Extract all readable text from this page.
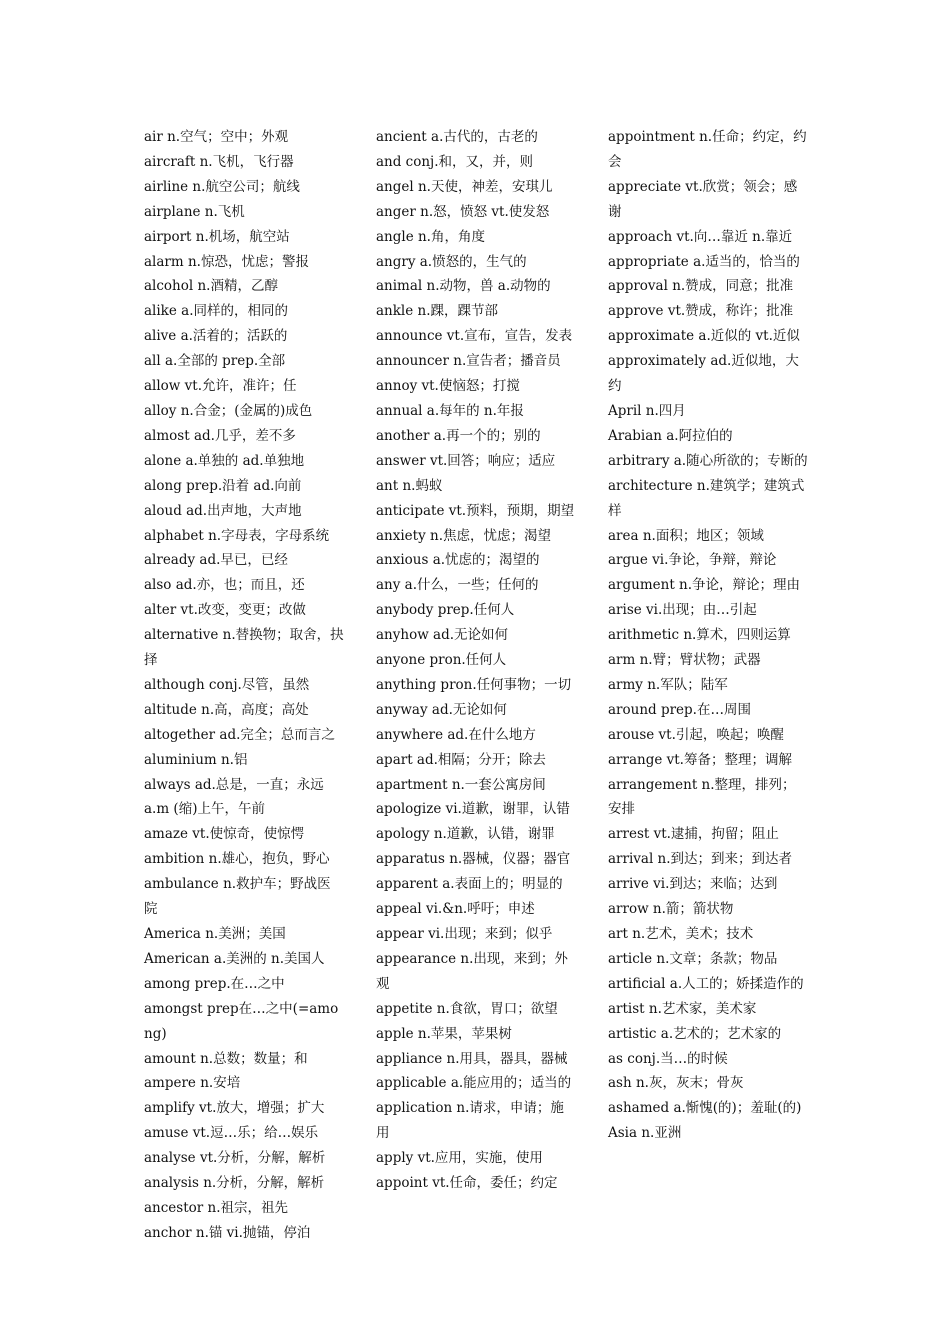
air n.空气；空中；外观

aircraft n.飞机，飞行器

airline n.航空公司；航线

airplane n.飞机

airport n.机场，航空站

alarm n.惊恐，忧虑；警报

alcohol n.酒精，乙醇

alike a.同样的，相同的

alive a.活着的；活跃的

all a.全部的 prep.全部

allow vt.允许，准许；任

alloy n.合金；(金属的)成色

almost ad.几乎，差不多

alone a.单独的 ad.单独地

along prep.沿着 ad.向前

aloud ad.出声地，大声地

alphabet n.字母表，字母系统

already ad.早已，已经

also ad.亦，也；而且，还

alter vt.改变，变更；改做

alternative n.替换物；取舍，抉择

although conj.尽管，虽然

altitude n.高，高度；高处

altogether ad.完全；总而言之

aluminium n.铝

always ad.总是，一直；永远

a.m (缩)上午，午前

amaze vt.使惊奇，使惊愕

ambition n.雄心，抱负，野心

ambulance n.救护车；野战医院

America n.美洲；美国

American a.美洲的 n.美国人

among prep.在…之中

amongst prep在…之中(=among)

amount n.总数；数量；和

ampere n.安培

amplify vt.放大，增强；扩大

amuse vt.逗…乐；给…娱乐

analyse vt.分析，分解，解析

analysis n.分析，分解，解析

ancestor n.祖宗，祖先

anchor n.锚 vi.抛锚，停泊

ancient a.古代的，古老的

and conj.和，又，并，则

angel n.天使，神差，安琪儿

anger n.怒，愤怒 vt.使发怒

angle n.角，角度

angry a.愤怒的，生气的

animal n.动物，兽 a.动物的

ankle n.踝，踝节部

announce vt.宣布，宣告，发表

announcer n.宣告者；播音员

annoy vt.使恼怒；打搅

annual a.每年的 n.年报

another a.再一个的；别的

answer vt.回答；响应；适应

ant n.蚂蚁

anticipate vt.预料，预期，期望

anxiety n.焦虑，忧虑；渴望

anxious a.忧虑的；渴望的

any a.什么，一些；任何的

anybody prep.任何人

anyhow ad.无论如何

anyone pron.任何人

anything pron.任何事物；一切

anyway ad.无论如何

anywhere ad.在什么地方

apart ad.相隔；分开；除去

apartment n.一套公寓房间

apologize vi.道歉，谢罪，认错

apology n.道歉，认错，谢罪

apparatus n.器械，仪器；器官

apparent a.表面上的；明显的

appeal vi.&n.呼吁；申述

appear vi.出现；来到；似乎

appearance n.出现，来到；外观

appetite n.食欲，胃口；欲望

apple n.苹果，苹果树

appliance n.用具，器具，器械

applicable a.能应用的；适当的

application n.请求，申请；施用

apply vt.应用，实施，使用

appoint vt.任命，委任；约定

appointment n.任命；约定，约会

appreciate vt.欣赏；领会；感谢

approach vt.向…靠近 n.靠近

appropriate a.适当的，恰当的

approval n.赞成，同意；批准

approve vt.赞成，称许；批准

approximate a.近似的 vt.近似

approximately ad.近似地，大约

April n.四月

Arabian a.阿拉伯的

arbitrary a.随心所欲的；专断的

architecture n.建筑学；建筑式样

area n.面积；地区；领域

argue vi.争论，争辩，辩论

argument n.争论，辩论；理由

arise vi.出现；由…引起

arithmetic n.算术，四则运算

arm n.臂；臂状物；武器

army n.军队；陆军

around prep.在…周围

arouse vt.引起，唤起；唤醒

arrange vt.筹备；整理；调解

arrangement n.整理，排列；安排

arrest vt.逮捕，拘留；阻止

arrival n.到达；到来；到达者

arrive vi.到达；来临；达到

arrow n.箭；箭状物

art n.艺术，美术；技术

article n.文章；条款；物品

artificial a.人工的；娇揉造作的

artist n.艺术家，美术家

artistic a.艺术的；艺术家的

as conj.当…的时候

ash n.灰，灰末；骨灰

ashamed a.惭愧(的)；羞耻(的)

Asia n.亚洲
